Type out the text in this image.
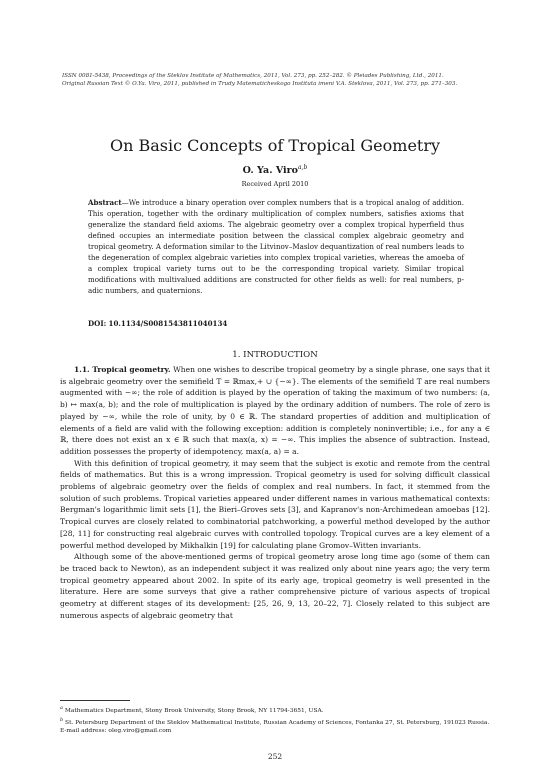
ISSN 0081-5438, Proceedings of the Steklov Institute of Mathematics, 2011, Vol. 273, pp. 252–282. © Pleiades Publishing, Ltd., 2011.
Original Russian Text © O.Ya. Viro, 2011, published in Trudy Matematicheskogo Instituta imeni V.A. Steklova, 2011, Vol. 273, pp. 271–303.
On Basic Concepts of Tropical Geometry
O. Ya. Viro$^{a,b}$
Received April 2010
Abstract—We introduce a binary operation over complex numbers that is a tropical analog of addition. This operation, together with the ordinary multiplication of complex numbers, satisfies axioms that generalize the standard field axioms. The algebraic geometry over a complex tropical hyperfield thus defined occupies an intermediate position between the classical complex algebraic geometry and tropical geometry. A deformation similar to the Litvinov–Maslov dequantization of real numbers leads to the degeneration of complex algebraic varieties into complex tropical varieties, whereas the amoeba of a complex tropical variety turns out to be the corresponding tropical variety. Similar tropical modifications with multivalued additions are constructed for other fields as well: for real numbers, p-adic numbers, and quaternions.
DOI: 10.1134/S0081543811040134
1. INTRODUCTION

1.1. Tropical geometry. When one wishes to describe tropical geometry by a single phrase, one says that it is algebraic geometry over the semifield T = ℝmax,+ ∪ {−∞}. The elements of the semifield T are real numbers augmented with −∞; the role of addition is played by the operation of taking the maximum of two numbers: (a, b) ↦ max(a, b); and the role of multiplication is played by the ordinary addition of numbers. The role of zero is played by −∞, while the role of unity, by 0 ∈ ℝ. The standard properties of addition and multiplication of elements of a field are valid with the following exception: addition is completely noninvertible; i.e., for any a ∈ ℝ, there does not exist an x ∈ ℝ such that max(a, x) = −∞. This implies the absence of subtraction. Instead, addition possesses the property of idempotency, max(a, a) = a.

With this definition of tropical geometry, it may seem that the subject is exotic and remote from the central fields of mathematics. But this is a wrong impression. Tropical geometry is used for solving difficult classical problems of algebraic geometry over the fields of complex and real numbers. In fact, it stemmed from the solution of such problems. Tropical varieties appeared under different names in various mathematical contexts: Bergman's logarithmic limit sets [1], the Bieri–Groves sets [3], and Kapranov's non-Archimedean amoebas [12]. Tropical curves are closely related to combinatorial patchworking, a powerful method developed by the author [28, 11] for constructing real algebraic curves with controlled topology. Tropical curves are a key element of a powerful method developed by Mikhalkin [19] for calculating plane Gromov–Witten invariants.

Although some of the above-mentioned germs of tropical geometry arose long time ago (some of them can be traced back to Newton), as an independent subject it was realized only about nine years ago; the very term tropical geometry appeared about 2002. In spite of its early age, tropical geometry is well presented in the literature. Here are some surveys that give a rather comprehensive picture of various aspects of tropical geometry at different stages of its development: [25, 26, 9, 13, 20–22, 7]. Closely related to this subject are numerous aspects of algebraic geometry that

$^a$ Mathematics Department, Stony Brook University, Stony Brook, NY 11794-3651, USA.
$^b$ St. Petersburg Department of the Steklov Mathematical Institute, Russian Academy of Sciences, Fontanka 27, St. Petersburg, 191023 Russia.
E-mail address: oleg.viro@gmail.com
252
